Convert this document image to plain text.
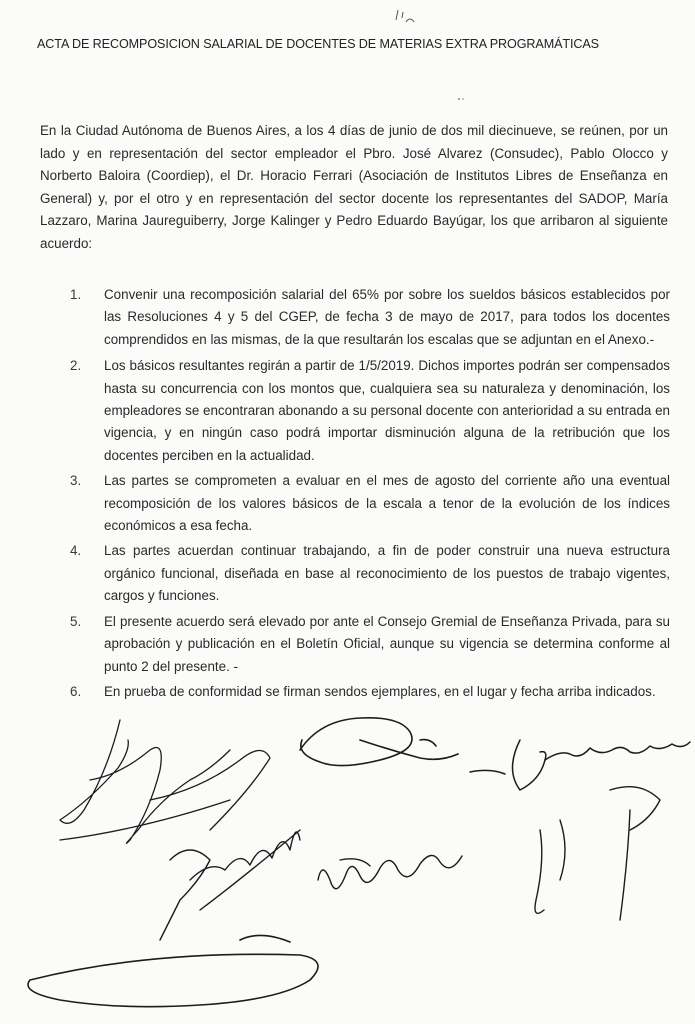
ACTA DE RECOMPOSICION SALARIAL DE DOCENTES DE MATERIAS EXTRA PROGRAMÁTICAS

En la Ciudad Autónoma de Buenos Aires, a los 4 días de junio de dos mil diecinueve, se reúnen, por un lado y en representación del sector empleador el Pbro. José Alvarez (Consudec), Pablo Olocco y Norberto Baloira (Coordiep), el Dr. Horacio Ferrari (Asociación de Institutos Libres de Enseñanza en General) y, por el otro y en representación del sector docente los representantes del SADOP, María Lazzaro, Marina Jaureguiberry, Jorge Kalinger y Pedro Eduardo Bayúgar, los que arribaron al siguiente acuerdo:

1.	Convenir una recomposición salarial del 65% por sobre los sueldos básicos establecidos por las Resoluciones 4 y 5 del CGEP, de fecha 3 de mayo de 2017, para todos los docentes comprendidos en las mismas, de la que resultarán los escalas que se adjuntan en el Anexo.-
2.	Los básicos resultantes regirán a partir de 1/5/2019. Dichos importes podrán ser compensados hasta su concurrencia con los montos que, cualquiera sea su naturaleza y denominación, los empleadores se encontraran abonando a su personal docente con anterioridad a su entrada en vigencia, y en ningún caso podrá importar disminución alguna de la retribución que los docentes perciben en la actualidad.
3.	Las partes se comprometen a evaluar en el mes de agosto del corriente año una eventual recomposición de los valores básicos de la escala a tenor de la evolución de los índices económicos a esa fecha.
4.	Las partes acuerdan continuar trabajando, a fin de poder construir una nueva estructura orgánico funcional, diseñada en base al reconocimiento de los puestos de trabajo vigentes, cargos y funciones.
5.	El presente acuerdo será elevado por ante el Consejo Gremial de Enseñanza Privada, para su aprobación y publicación en el Boletín Oficial, aunque su vigencia se determina conforme al punto 2 del presente. -
6.	En prueba de conformidad se firman sendos ejemplares, en el lugar y fecha arriba indicados.
